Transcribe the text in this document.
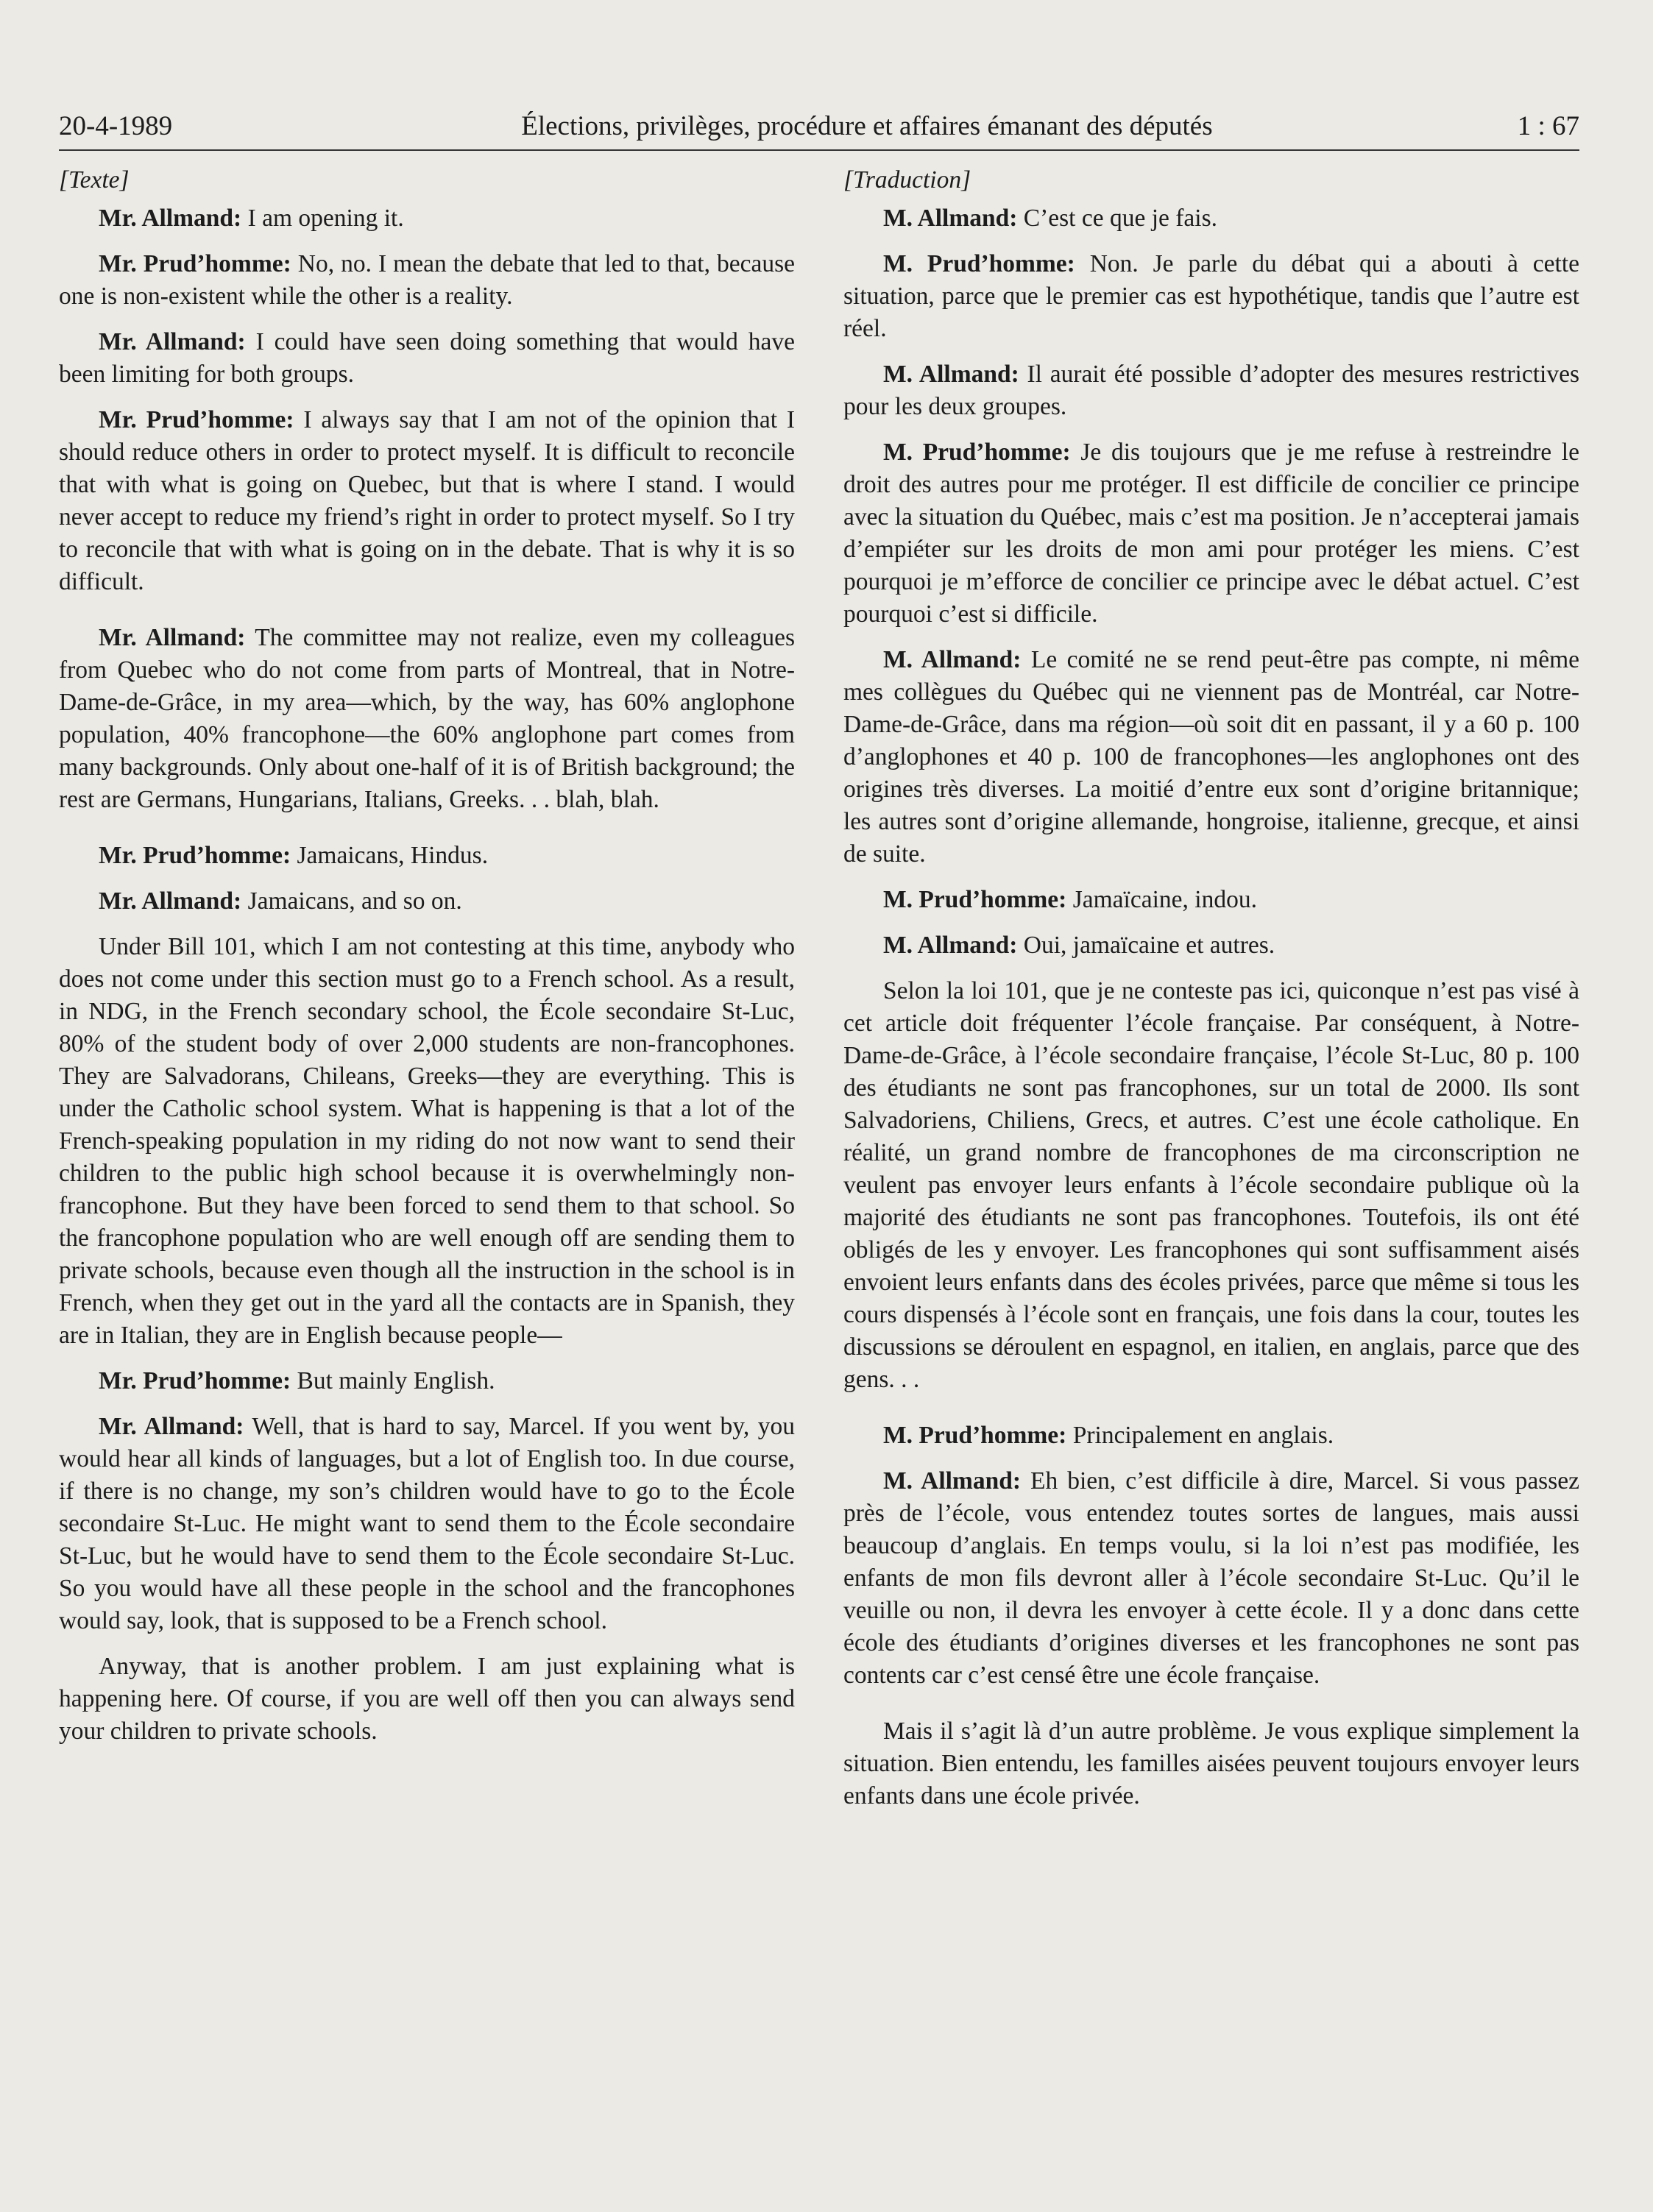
20-4-1989	Élections, privilèges, procédure et affaires émanant des députés	1 : 67

[Texte]

Mr. Allmand: I am opening it.

Mr. Prud’homme: No, no. I mean the debate that led to that, because one is non-existent while the other is a reality.

Mr. Allmand: I could have seen doing something that would have been limiting for both groups.

Mr. Prud’homme: I always say that I am not of the opinion that I should reduce others in order to protect myself. It is difficult to reconcile that with what is going on Quebec, but that is where I stand. I would never accept to reduce my friend’s right in order to protect myself. So I try to reconcile that with what is going on in the debate. That is why it is so difficult.

Mr. Allmand: The committee may not realize, even my colleagues from Quebec who do not come from parts of Montreal, that in Notre-Dame-de-Grâce, in my area—which, by the way, has 60% anglophone population, 40% francophone—the 60% anglophone part comes from many backgrounds. Only about one-half of it is of British background; the rest are Germans, Hungarians, Italians, Greeks. . . blah, blah.

Mr. Prud’homme: Jamaicans, Hindus.

Mr. Allmand: Jamaicans, and so on.

Under Bill 101, which I am not contesting at this time, anybody who does not come under this section must go to a French school. As a result, in NDG, in the French secondary school, the École secondaire St-Luc, 80% of the student body of over 2,000 students are non-francophones. They are Salvadorans, Chileans, Greeks—they are everything. This is under the Catholic school system. What is happening is that a lot of the French-speaking population in my riding do not now want to send their children to the public high school because it is overwhelmingly non-francophone. But they have been forced to send them to that school. So the francophone population who are well enough off are sending them to private schools, because even though all the instruction in the school is in French, when they get out in the yard all the contacts are in Spanish, they are in Italian, they are in English because people—

Mr. Prud’homme: But mainly English.

Mr. Allmand: Well, that is hard to say, Marcel. If you went by, you would hear all kinds of languages, but a lot of English too. In due course, if there is no change, my son’s children would have to go to the École secondaire St-Luc. He might want to send them to the École secondaire St-Luc, but he would have to send them to the École secondaire St-Luc. So you would have all these people in the school and the francophones would say, look, that is supposed to be a French school.

Anyway, that is another problem. I am just explaining what is happening here. Of course, if you are well off then you can always send your children to private schools.

[Traduction]

M. Allmand: C’est ce que je fais.

M. Prud’homme: Non. Je parle du débat qui a abouti à cette situation, parce que le premier cas est hypothétique, tandis que l’autre est réel.

M. Allmand: Il aurait été possible d’adopter des mesures restrictives pour les deux groupes.

M. Prud’homme: Je dis toujours que je me refuse à restreindre le droit des autres pour me protéger. Il est difficile de concilier ce principe avec la situation du Québec, mais c’est ma position. Je n’accepterai jamais d’empiéter sur les droits de mon ami pour protéger les miens. C’est pourquoi je m’efforce de concilier ce principe avec le débat actuel. C’est pourquoi c’est si difficile.

M. Allmand: Le comité ne se rend peut-être pas compte, ni même mes collègues du Québec qui ne viennent pas de Montréal, car Notre-Dame-de-Grâce, dans ma région—où soit dit en passant, il y a 60 p. 100 d’anglophones et 40 p. 100 de francophones—les anglophones ont des origines très diverses. La moitié d’entre eux sont d’origine britannique; les autres sont d’origine allemande, hongroise, italienne, grecque, et ainsi de suite.

M. Prud’homme: Jamaïcaine, indou.

M. Allmand: Oui, jamaïcaine et autres.

Selon la loi 101, que je ne conteste pas ici, quiconque n’est pas visé à cet article doit fréquenter l’école française. Par conséquent, à Notre-Dame-de-Grâce, à l’école secondaire française, l’école St-Luc, 80 p. 100 des étudiants ne sont pas francophones, sur un total de 2000. Ils sont Salvadoriens, Chiliens, Grecs, et autres. C’est une école catholique. En réalité, un grand nombre de francophones de ma circonscription ne veulent pas envoyer leurs enfants à l’école secondaire publique où la majorité des étudiants ne sont pas francophones. Toutefois, ils ont été obligés de les y envoyer. Les francophones qui sont suffisamment aisés envoient leurs enfants dans des écoles privées, parce que même si tous les cours dispensés à l’école sont en français, une fois dans la cour, toutes les discussions se déroulent en espagnol, en italien, en anglais, parce que des gens. . .

M. Prud’homme: Principalement en anglais.

M. Allmand: Eh bien, c’est difficile à dire, Marcel. Si vous passez près de l’école, vous entendez toutes sortes de langues, mais aussi beaucoup d’anglais. En temps voulu, si la loi n’est pas modifiée, les enfants de mon fils devront aller à l’école secondaire St-Luc. Qu’il le veuille ou non, il devra les envoyer à cette école. Il y a donc dans cette école des étudiants d’origines diverses et les francophones ne sont pas contents car c’est censé être une école française.

Mais il s’agit là d’un autre problème. Je vous explique simplement la situation. Bien entendu, les familles aisées peuvent toujours envoyer leurs enfants dans une école privée.
